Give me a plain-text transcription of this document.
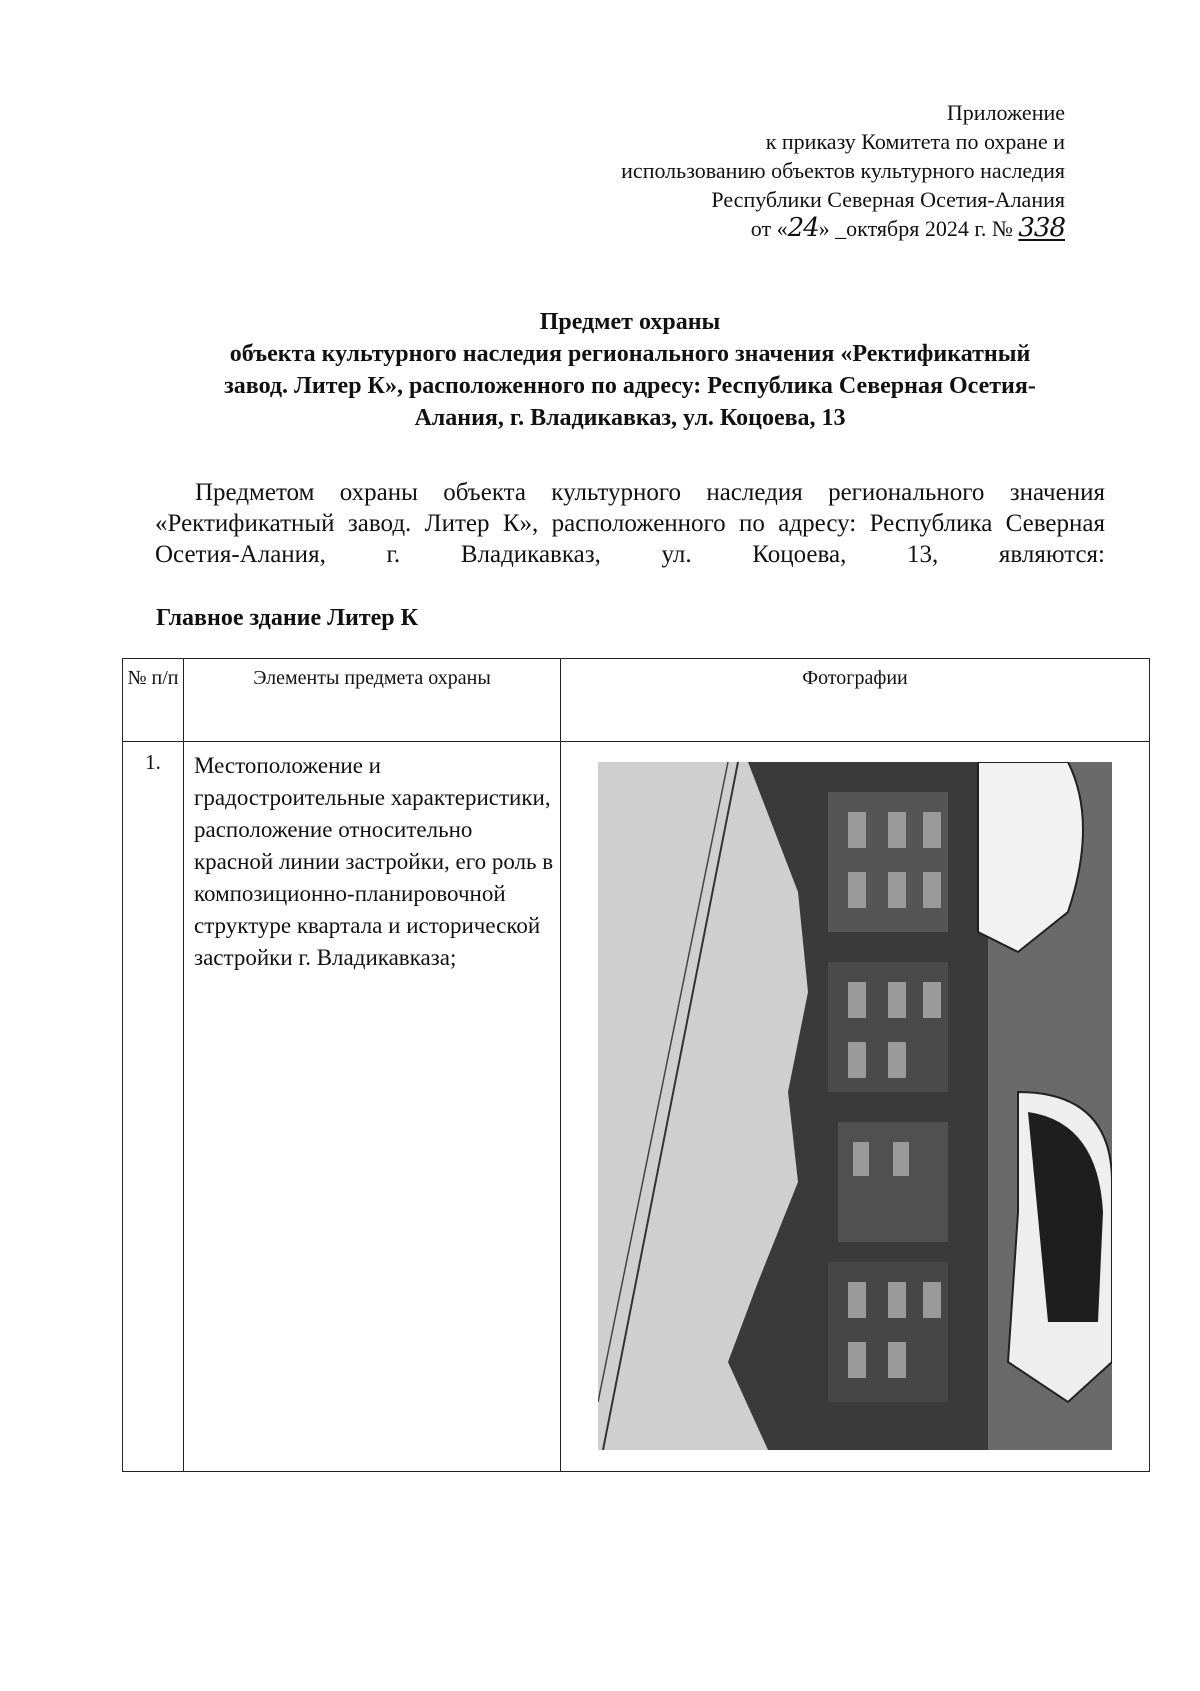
Приложение
к приказу Комитета по охране и
использованию объектов культурного наследия
Республики Северная Осетия-Алания
от «24» _октября 2024 г. № 338
Предмет охраны
объекта культурного наследия регионального значения «Ректификатный
завод. Литер К», расположенного по адресу: Республика Северная Осетия-
Алания, г. Владикавказ, ул. Коцоева, 13
Предметом охраны объекта культурного наследия регионального значения «Ректификатный завод. Литер К», расположенного по адресу: Республика Северная Осетия-Алания, г. Владикавказ, ул. Коцоева, 13, являются:
Главное здание Литер К
№ п/п	Элементы предмета охраны	Фотографии
1.	Местоположение и градостроительные характеристики, расположение относительно красной линии застройки, его роль в композиционно-планировочной структуре квартала и исторической застройки г. Владикавказа;	
